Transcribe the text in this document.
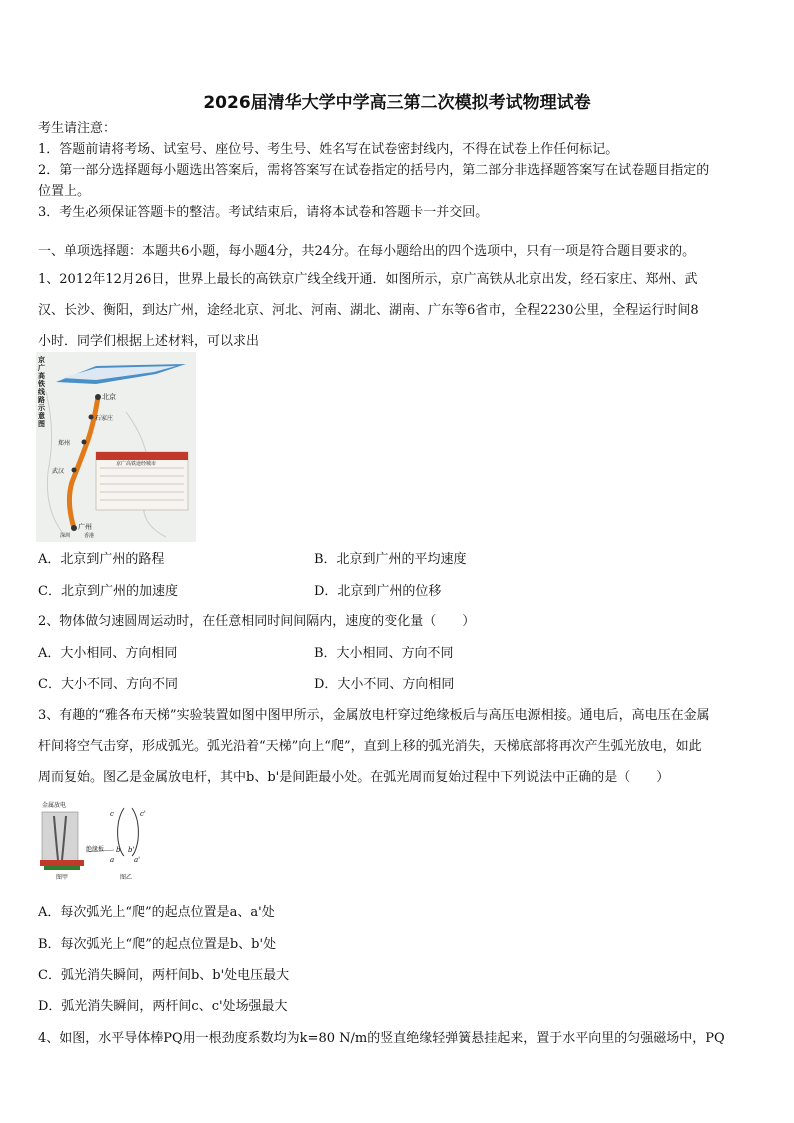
2026届清华大学中学高三第二次模拟考试物理试卷
考生请注意：
1．答题前请将考场、试室号、座位号、考生号、姓名写在试卷密封线内，不得在试卷上作任何标记。
2．第一部分选择题每小题选出答案后，需将答案写在试卷指定的括号内，第二部分非选择题答案写在试卷题目指定的
位置上。
3．考生必须保证答题卡的整洁。考试结束后，请将本试卷和答题卡一并交回。
一、单项选择题：本题共6小题，每小题4分，共24分。在每小题给出的四个选项中，只有一项是符合题目要求的。
1、2012年12月26日，世界上最长的高铁京广线全线开通．如图所示，京广高铁从北京出发，经石家庄、郑州、武
汉、长沙、衡阳，到达广州，途经北京、河北、河南、湖北、湖南、广东等6省市，全程2230公里，全程运行时间8
小时．同学们根据上述材料，可以求出
京广高铁线路示意图
北京
石家庄
郑州
武汉
广州
深圳	香港
京广高铁途经城市
A．北京到广州的路程	B．北京到广州的平均速度
C．北京到广州的加速度	D．北京到广州的位移
2、物体做匀速圆周运动时，在任意相同时间间隔内，速度的变化量（　　）
A．大小相同、方向相同	B．大小相同、方向不同
C．大小不同、方向不同	D．大小不同、方向相同
3、有趣的“雅各布天梯”实验装置如图中图甲所示，金属放电杆穿过绝缘板后与高压电源相接。通电后，高电压在金属
杆间将空气击穿，形成弧光。弧光沿着“天梯”向上“爬”，直到上移的弧光消失，天梯底部将再次产生弧光放电，如此
周而复始。图乙是金属放电杆，其中b、b'是间距最小处。在弧光周而复始过程中下列说法中正确的是（　　）
金属放电
绝缘板
图甲	图乙
c	c'
b b'
a	a'
A．每次弧光上“爬”的起点位置是a、a'处
B．每次弧光上“爬”的起点位置是b、b'处
C．弧光消失瞬间，两杆间b、b'处电压最大
D．弧光消失瞬间，两杆间c、c'处场强最大
4、如图，水平导体棒PQ用一根劲度系数均为k=80 N/m的竖直绝缘轻弹簧悬挂起来，置于水平向里的匀强磁场中，PQ
